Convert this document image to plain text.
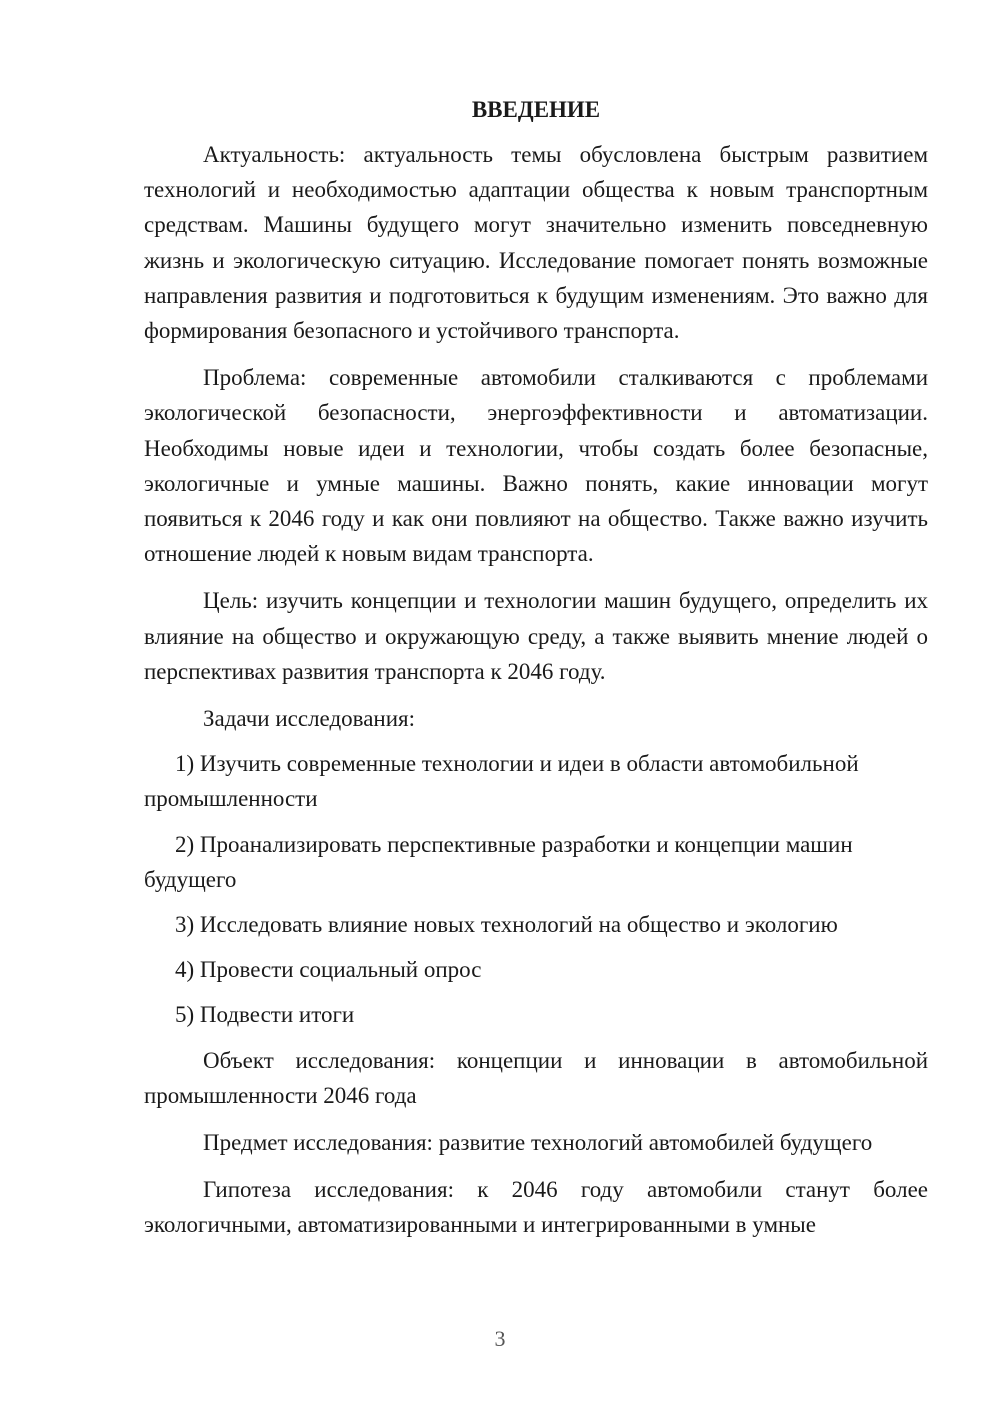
ВВЕДЕНИЕ

Актуальность: актуальность темы обусловлена быстрым развитием технологий и необходимостью адаптации общества к новым транспортным средствам. Машины будущего могут значительно изменить повседневную жизнь и экологическую ситуацию. Исследование помогает понять возможные направления развития и подготовиться к будущим изменениям. Это важно для формирования безопасного и устойчивого транспорта.

Проблема: современные автомобили сталкиваются с проблемами экологической безопасности, энергоэффективности и автоматизации. Необходимы новые идеи и технологии, чтобы создать более безопасные, экологичные и умные машины. Важно понять, какие инновации могут появиться к 2046 году и как они повлияют на общество. Также важно изучить отношение людей к новым видам транспорта.

Цель: изучить концепции и технологии машин будущего, определить их влияние на общество и окружающую среду, а также выявить мнение людей о перспективах развития транспорта к 2046 году.

Задачи исследования:

1) Изучить современные технологии и идеи в области автомобильной промышленности

2) Проанализировать перспективные разработки и концепции машин будущего

3) Исследовать влияние новых технологий на общество и экологию

4) Провести социальный опрос

5) Подвести итоги

Объект исследования: концепции и инновации в автомобильной промышленности 2046 года

Предмет исследования: развитие технологий автомобилей будущего

Гипотеза исследования: к 2046 году автомобили станут более экологичными, автоматизированными и интегрированными в умные

3
